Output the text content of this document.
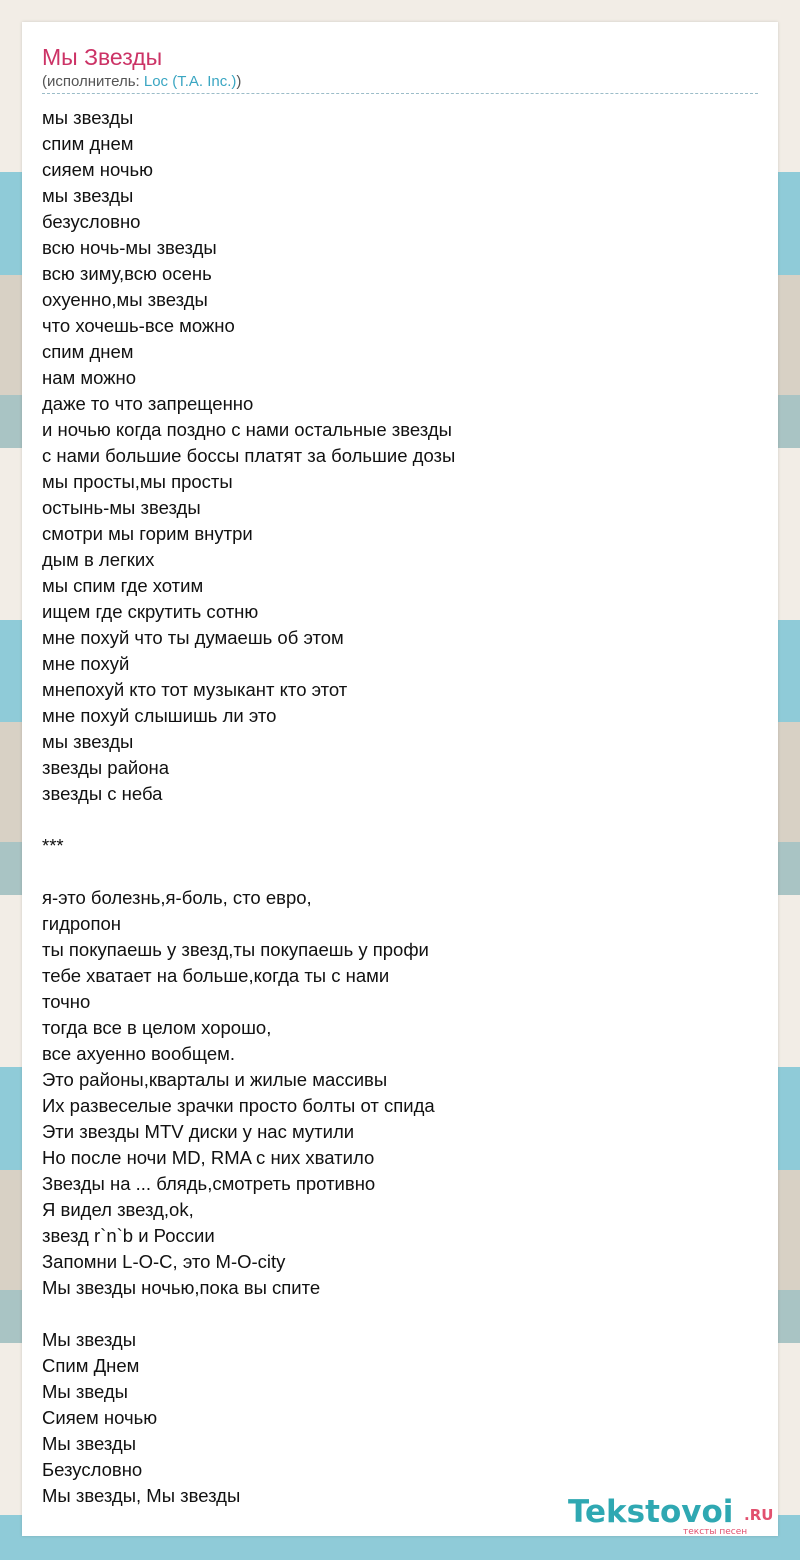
Мы Звезды
(исполнитель: Loc (T.A. Inc.))
мы звезды
спим днем
сияем ночью
мы звезды
безусловно
всю ночь-мы звезды
всю зиму,всю осень
охуенно,мы звезды
что хочешь-все можно
спим днем
нам можно
даже то что запрещенно
и ночью когда поздно с нами остальные звезды
с нами большие боссы платят за большие дозы
мы просты,мы просты
остынь-мы звезды
смотри мы горим внутри
дым в легких
мы спим где хотим
ищем где скрутить сотню
мне похуй что ты думаешь об этом
мне похуй
мнепохуй кто тот музыкант кто этот
мне похуй слышишь ли это
мы звезды
звезды района
звезды с неба

***

я-это болезнь,я-боль, сто евро,
гидропон
ты покупаешь у звезд,ты покупаешь у профи
тебе хватает на больше,когда ты с нами
точно
тогда все в целом хорошо,
все ахуенно вообщем.
Это районы,кварталы и жилые массивы
Их развеселые зрачки просто болты от спида
Эти звезды MTV диски у нас мутили
Но после ночи MD, RMA с них хватило
Звезды на ... блядь,смотреть противно
Я видел звезд,ok,
звезд r`n`b и России
Запомни L-O-C, это M-O-city
Мы звезды ночью,пока вы спите

Мы звезды
Спим Днем
Мы зведы
Сияем ночью
Мы звезды
Безусловно
Мы звезды, Мы звезды	Tekstovoi .RU
тексты песен
